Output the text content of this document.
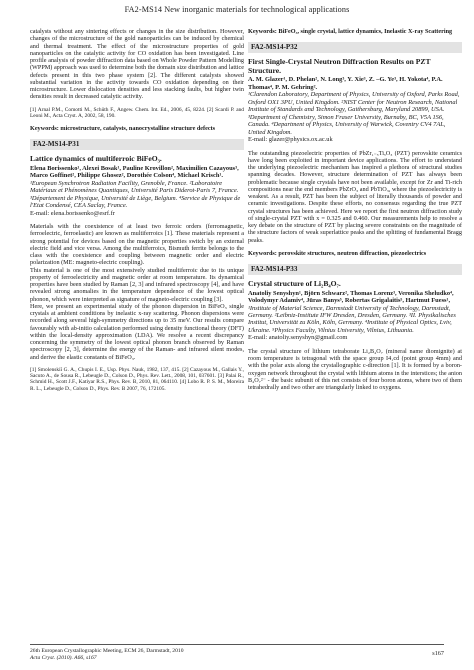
FA2-MS14 New inorganic materials for technological applications

catalysts without any sintering effects or changes in the size distribution. However, changes of the microstructure of the gold nanoparticles can be induced by chemical and thermal treatment. The effect of the microstructure properties of gold nanoparticles on the catalytic activity for CO oxidation has been investigated. Line profile analysis of powder diffraction data based on Whole Powder Pattern Modelling (WPPM) approach was used to determine both the domain size distribution and lattice defects present in this two phase system [2]. The different catalysts showed substantial variation in the activity towards CO oxidation depending on their microstructure. Lower dislocation densities and less stacking faults, but higher twin densities result in decreased catalytic activity.

[1] Arnal P.M., Comotti M., Schüth F., Angew. Chem. Int. Ed., 2006, 45, 8224. [2] Scardi P. and Leoni M., Acta Cryst. A, 2002, 58, 190.

Keywords: microstructure, catalysts, nanocrystalline structure defects

FA2-MS14-P31

Lattice dynamics of multiferroic BiFeO₃.

Elena Borissenko¹, Alexei Bosak¹, Pauline Krovillon², Maximilien Cazayous³, Marco Goffinet², Philippe Ghosez², Dorothée Colson⁴, Michael Krisch¹.

¹European Synchrotron Radiation Facility, Grenoble, France. ²Laboratoire Matériaux et Phénomènes Quantiques, Université Paris Diderot-Paris 7, France. ³Département de Physique, Université de Liège, Belgium. ⁴Service de Physique de l'Etat Condensé, CEA Saclay, France.

E-mail: elena.borissenko@esrf.fr

Materials with the coexistence of at least two ferroic orders (ferromagnetic, ferroelectric, ferroelastic) are known as multiferroics [1]. These materials represent a strong potential for devices based on the magnetic properties switch by an external electric field and vice versa. Among the multiferroics, Bismuth ferrite belongs to the class with the coexistence and coupling between magnetic order and electric polarization (ME: magneto-electric coupling).

This material is one of the most extensively studied multiferroic due to its unique property of ferroelectricity and magnetic order at room temperature. Its dynamical properties have been studied by Raman [2, 3] and infrared spectroscopy [4], and have revealed strong anomalies in the temperature dependence of the lowest optical phonon, which were interpreted as signature of magneto-electric coupling [3].

Here, we present an experimental study of the phonon dispersion in BiFeO₃ single crystals at ambient conditions by inelastic x-ray scattering. Phonon dispersions were recorded along several high-symmetry directions up to 35 meV. Our results compare favourably with ab-initio calculation performed using density functional theory (DFT) within the local-density approximation (LDA). We resolve a recent discrepancy concerning the symmetry of the lowest optical phonon branch observed by Raman spectroscopy [2, 3], determine the energy of the Raman- and infrared silent modes, and derive the elastic constants of BiFeO₃.

[1] Smolenskiĭ G. A., Chupis I. E., Usp. Phys. Nauk, 1982, 137, 415. [2] Cazayous M., Gallais Y., Sacuto A., de Sousa R., Lebeugle D., Colson D., Phys. Rev. Lett., 2008, 101, 037601. [3] Palai R., Schmid H., Scott J.F., Katiyar R.S., Phys. Rev. B, 2010, 81, 064110. [4] Lobo R. P. S. M., Moreira R. L., Lebeugle D., Colson D., Phys. Rev. B 2007, 76, 172105.

Keywords: BiFeO₃, single crystal, lattice dynamics, Inelastic X-ray Scattering

FA2-MS14-P32

First Single-Crystal Neutron Diffraction Results on PZT Structure.

A. M. Glazer¹, D. Phelan², N. Long³, Y. Xie³, Z. –G. Ye³, H. Yokota⁴, P.A. Thomas⁴, P. M. Gehring².

¹Clarendon Laboratory, Department of Physics, University of Oxford, Parks Road, Oxford OX1 3PU, United Kingdom. ²NIST Center for Neutron Research, National Institute of Standards and Technology, Gaithersburg, Maryland 20899, USA. ³Department of Chemistry, Simon Fraser University, Burnaby, BC, V5A 1S6, Canada. ⁴Department of Physics, University of Warwick, Coventry CV4 7AL, United Kingdom.

E-mail: glazer@physics.ox.ac.uk

The outstanding piezoelectric properties of PbZr₁₋ₓTiₓO₃ (PZT) perovskite ceramics have long been exploited in important device applications. The effort to understand the underlying piezoelectric mechanism has inspired a plethora of structural studies spanning decades. However, structure determination of PZT has always been problematic because single crystals have not been available, except for Zr and Ti-rich compositions near the end members PbZrO₃ and PbTiO₃, where the piezoelectricity is weakest. As a result, PZT has been the subject of literally thousands of powder and ceramic investigations. Despite these efforts, no consensus regarding the true PZT crystal structures has been achieved. Here we report the first neutron diffraction study of single-crystal PZT with x = 0.325 and 0.460. Our measurements help to resolve a key debate on the structure of PZT by placing severe constraints on the magnitude of the structure factors of weak superlattice peaks and the splitting of fundamental Bragg peaks.

Keywords: perovskite structures, neutron diffraction, piezoelectrics

FA2-MS14-P33

Crystal structure of Li₂B₄O₇.

Anatoliy Senyshyn¹, Björn Schwarz², Thomas Lorenz³, Veronika Sheludko⁴, Volodymyr Adamiv⁴, Jūras Banys⁵, Robertas Grigalaitis⁵, Hartmut Fuess¹,

¹Institute of Material Science, Darmstadt University of Technology, Darmstadt, Germany. ²Leibniz-Institute IFW Dresden, Dresden, Germany. ³II. Physikalisches Institut, Universität zu Köln, Köln, Germany. ⁴Institute of Physical Optics, Lviv, Ukraine. ⁵Physics Faculty, Vilnius University, Vilnius, Lithuania.

E-mail: anatoliy.senyshyn@gmail.com

The crystal structure of lithium tetraborate Li₂B₄O₇ (mineral name diomignite) at room temperature is tetragonal with the space group I4₁cd (point group 4mm) and with the polar axis along the crystallographic c-direction [1]. It is formed by a boron-oxygen network throughout the crystal with lithium atoms in the interstices; the anion B₄O₇²⁻ - the basic subunit of this net consists of four boron atoms, where two of them tetrahedrally and two other are triangularly linked to oxygens.

26th European Crystallographic Meeting, ECM 26, Darmstadt, 2010
Acta Cryst. (2010). A66, s167
s167
